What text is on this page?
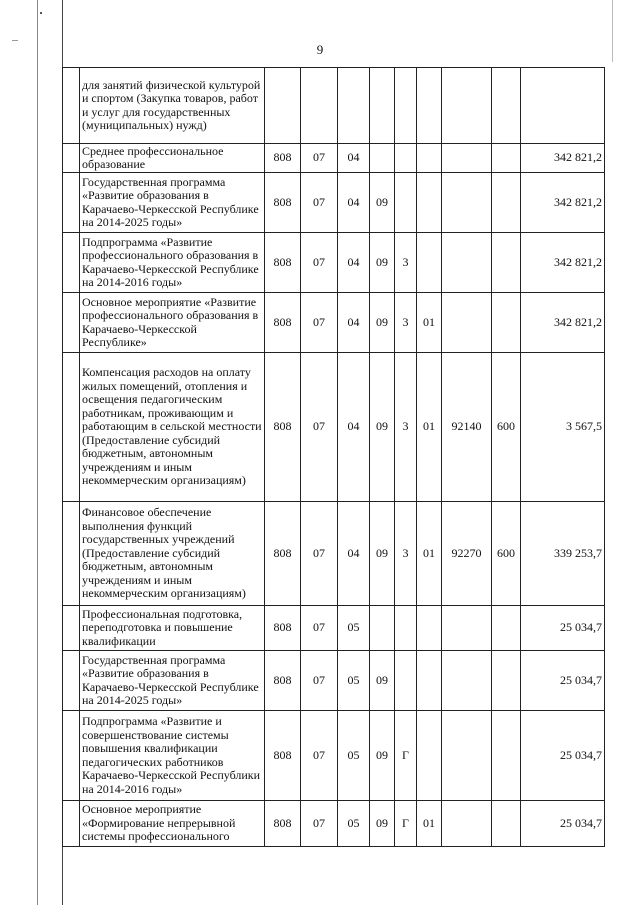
9
	для занятий физической культурой и спортом (Закупка товаров, работ и услуг для государственных (муниципальных) нужд)									
	Среднее профессиональное образование	808	07	04						342 821,2
	Государственная программа «Развитие образования в Карачаево-Черкесской Республике на 2014-2025 годы»	808	07	04	09					342 821,2
	Подпрограмма «Развитие профессионального образования в Карачаево-Черкесской Республике на 2014-2016 годы»	808	07	04	09	3				342 821,2
	Основное мероприятие «Развитие профессионального образования в Карачаево-Черкесской Республике»	808	07	04	09	3	01			342 821,2
	Компенсация расходов на оплату жилых помещений, отопления и освещения педагогическим работникам, проживающим и работающим в сельской местности (Предоставление субсидий бюджетным, автономным учреждениям и иным некоммерческим организациям)	808	07	04	09	3	01	92140	600	3 567,5
	Финансовое обеспечение выполнения функций государственных учреждений (Предоставление субсидий бюджетным, автономным учреждениям и иным некоммерческим организациям)	808	07	04	09	3	01	92270	600	339 253,7
	Профессиональная подготовка, переподготовка и повышение квалификации	808	07	05						25 034,7
	Государственная программа «Развитие образования в Карачаево-Черкесской Республике на 2014-2025 годы»	808	07	05	09					25 034,7
	Подпрограмма «Развитие и совершенствование системы повышения квалификации педагогических работников Карачаево-Черкесской Республики на 2014-2016 годы»	808	07	05	09	Г				25 034,7
	Основное мероприятие «Формирование непрерывной системы профессионального	808	07	05	09	Г	01			25 034,7
